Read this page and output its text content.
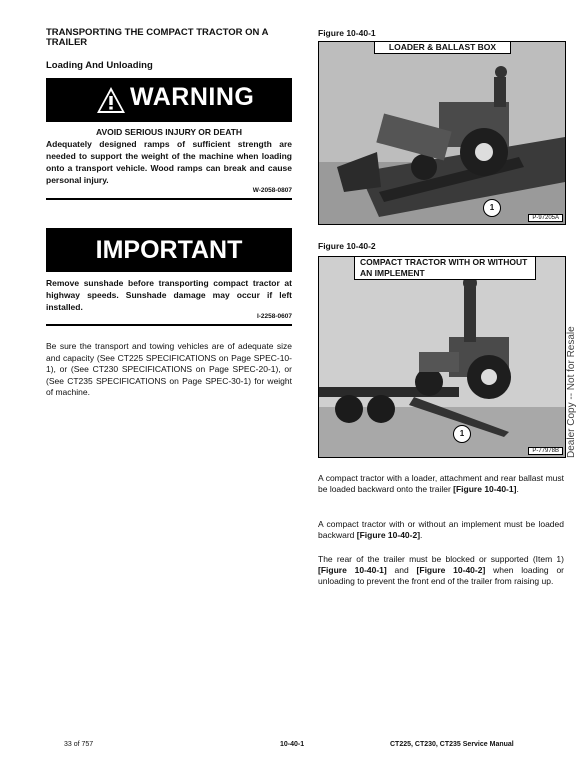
TRANSPORTING THE COMPACT TRACTOR ON A TRAILER
Loading And Unloading
WARNING
AVOID SERIOUS INJURY OR DEATH
Adequately designed ramps of sufficient strength are needed to support the weight of the machine when loading onto a transport vehicle. Wood ramps can break and cause personal injury.
W-2058-0807
IMPORTANT
Remove sunshade before transporting compact tractor at highway speeds. Sunshade damage may occur if left installed.
I-2258-0607
Be sure the transport and towing vehicles are of adequate size and capacity (See CT225 SPECIFICATIONS on Page SPEC-10-1), or (See CT230 SPECIFICATIONS on Page SPEC-20-1), or (See CT235 SPECIFICATIONS on Page SPEC-30-1) for weight of machine.
Figure 10-40-1
LOADER & BALLAST BOX
1
P-97205A
Figure 10-40-2
COMPACT TRACTOR WITH OR WITHOUT AN IMPLEMENT
1
P-77978B
A compact tractor with a loader, attachment and rear ballast must be loaded backward onto the trailer [Figure 10-40-1].
A compact tractor with or without an implement must be loaded backward [Figure 10-40-2].
The rear of the trailer must be blocked or supported (Item 1) [Figure 10-40-1] and [Figure 10-40-2] when loading or unloading to prevent the front end of the trailer from raising up.
Dealer Copy -- Not for Resale
33 of 757	10-40-1	CT225, CT230, CT235 Service Manual
